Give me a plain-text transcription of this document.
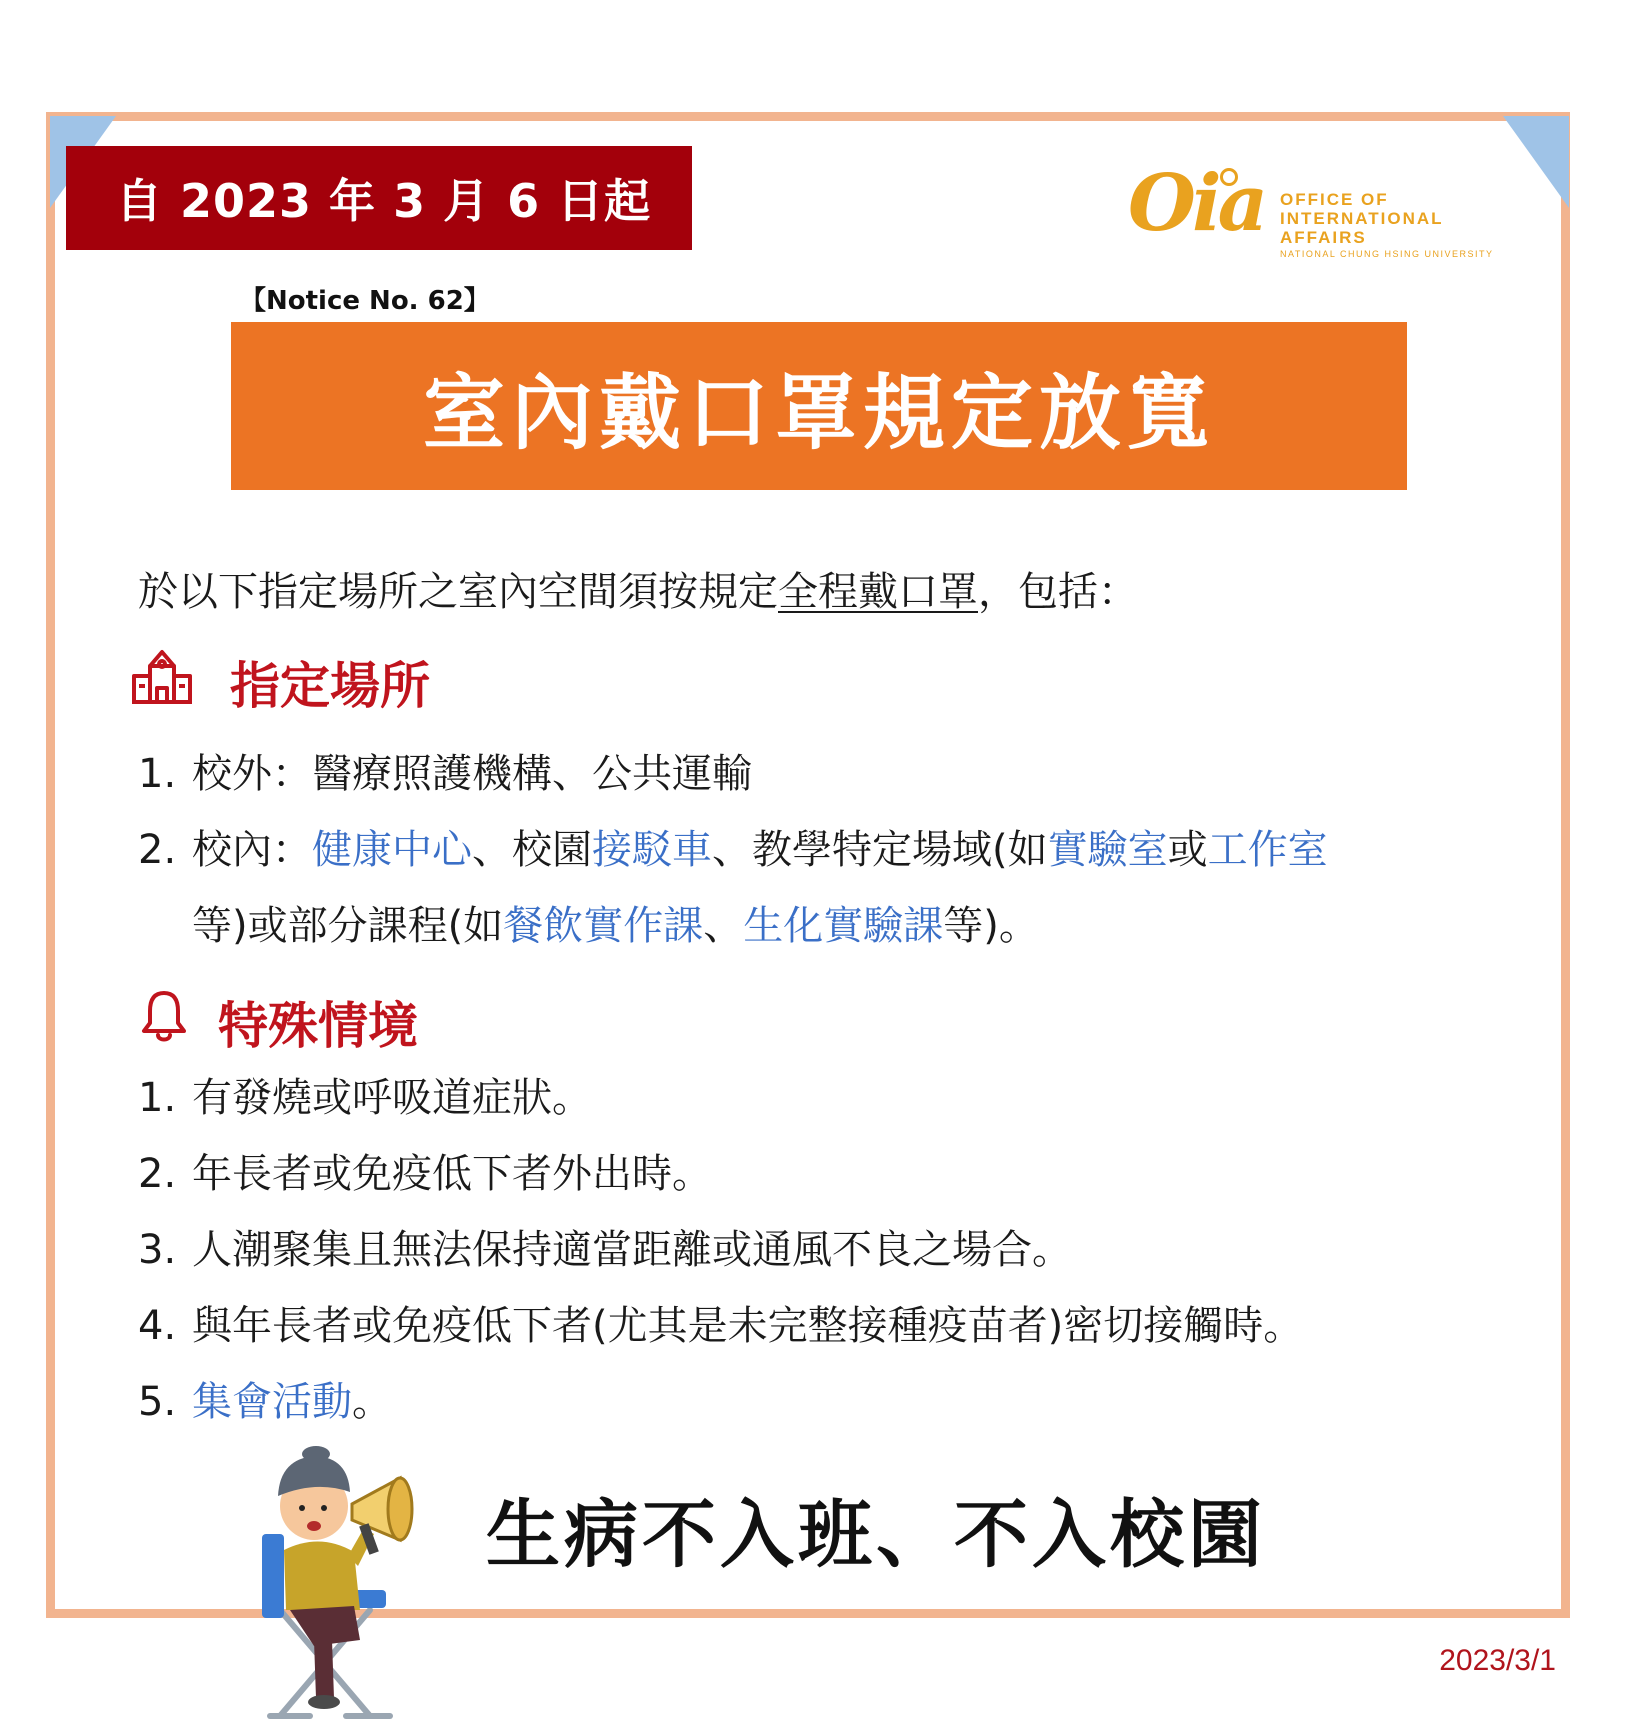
自 2023 年 3 月 6 日起	Oia OFFICE OF
INTERNATIONAL AFFAIRS
NATIONAL CHUNG HSING UNIVERSITY
【Notice No. 62】
室內戴口罩規定放寬
於以下指定場所之室內空間須按規定全程戴口罩，包括：
指定場所
1. 校外：醫療照護機構、公共運輸
2. 校內：健康中心、校園接駁車、教學特定場域(如實驗室或工作室
等)或部分課程(如餐飲實作課、生化實驗課等)。
特殊情境
1. 有發燒或呼吸道症狀。
2. 年長者或免疫低下者外出時。
3. 人潮聚集且無法保持適當距離或通風不良之場合。
4. 與年長者或免疫低下者(尤其是未完整接種疫苗者)密切接觸時。
5. 集會活動。
生病不入班、不入校園
2023/3/1
